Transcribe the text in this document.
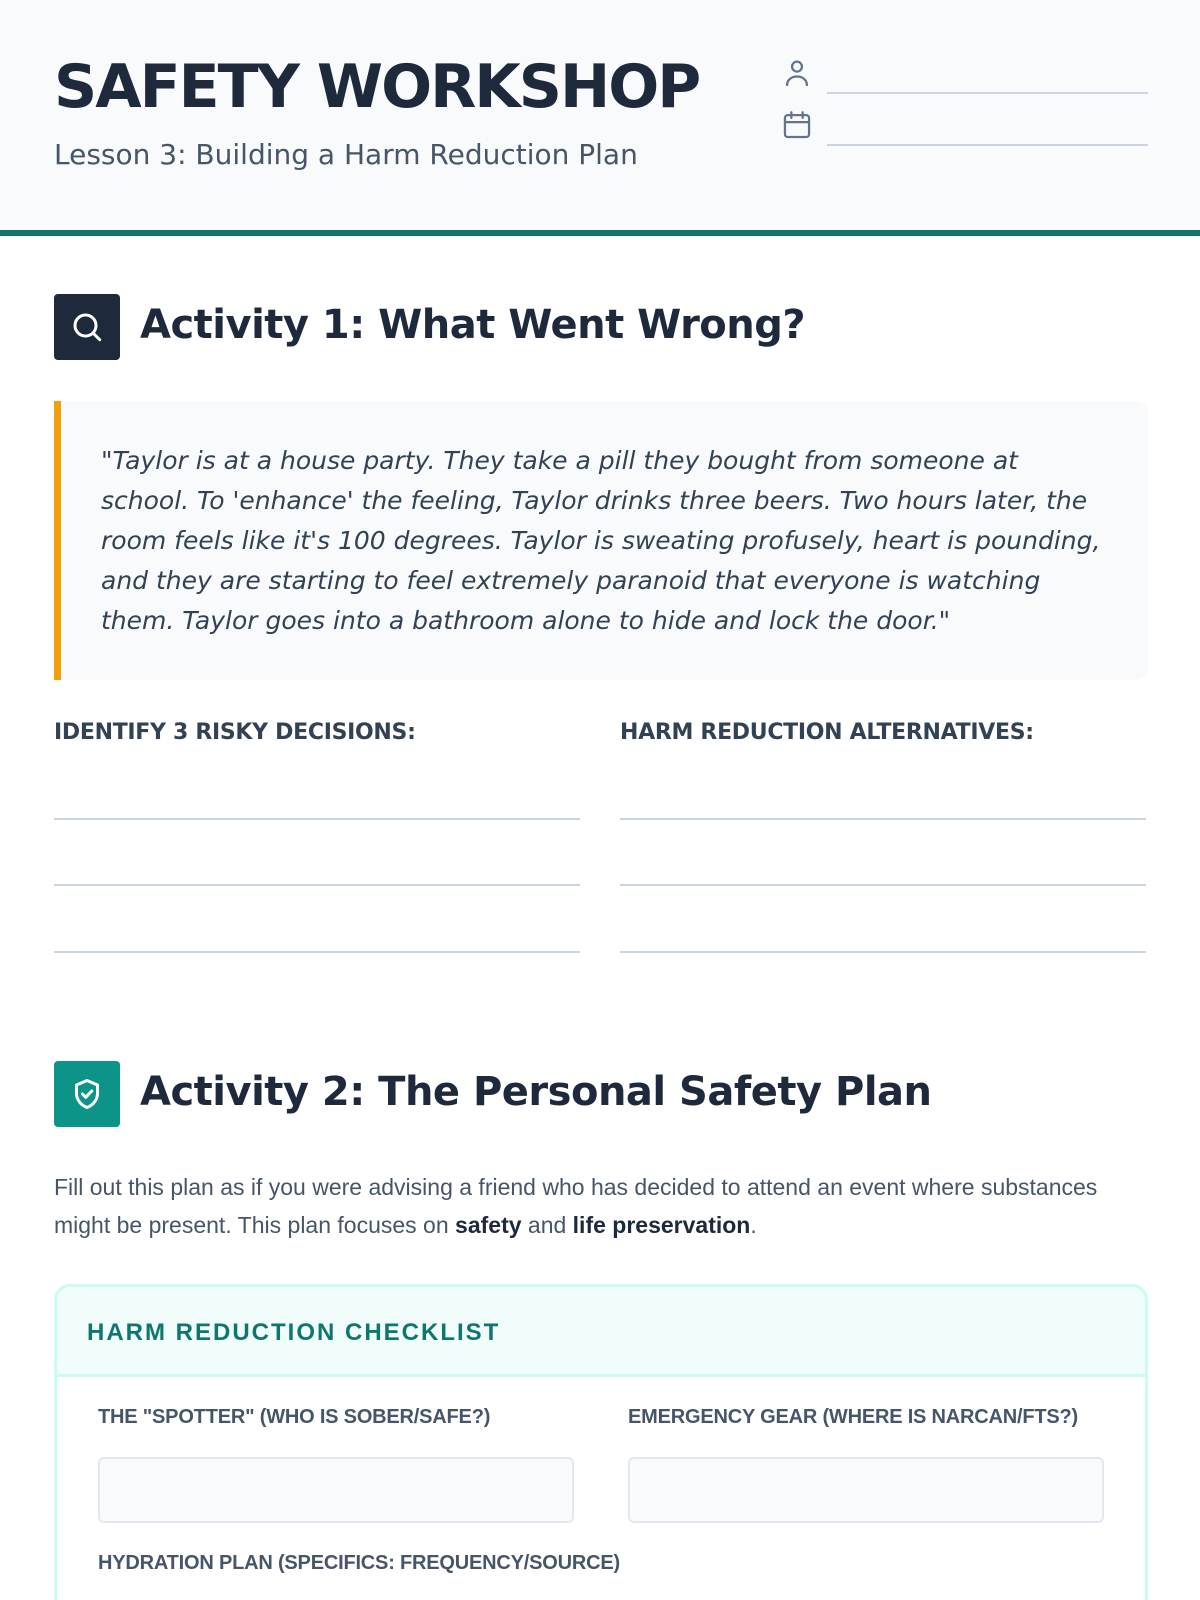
SAFETY WORKSHOP
Lesson 3: Building a Harm Reduction Plan
Activity 1: What Went Wrong?

"Taylor is at a house party. They take a pill they bought from someone at school. To 'enhance' the feeling, Taylor drinks three beers. Two hours later, the room feels like it's 100 degrees. Taylor is sweating profusely, heart is pounding, and they are starting to feel extremely paranoid that everyone is watching them. Taylor goes into a bathroom alone to hide and lock the door."

IDENTIFY 3 RISKY DECISIONS:	HARM REDUCTION ALTERNATIVES:
Activity 2: The Personal Safety Plan
Fill out this plan as if you were advising a friend who has decided to attend an event where substances might be present. This plan focuses on safety and life preservation.
HARM REDUCTION CHECKLIST
THE "SPOTTER" (WHO IS SOBER/SAFE?)	EMERGENCY GEAR (WHERE IS NARCAN/FTS?)
HYDRATION PLAN (SPECIFICS: FREQUENCY/SOURCE)
